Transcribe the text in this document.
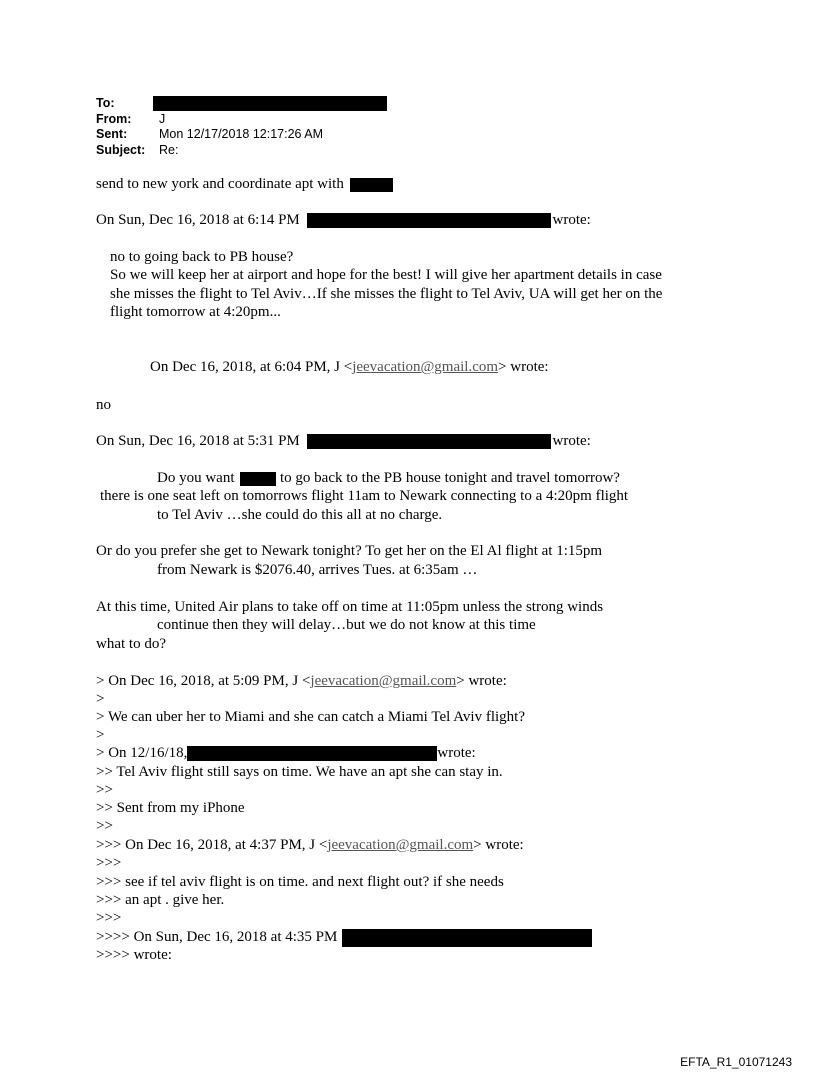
To:
From:	J
Sent:	Mon 12/17/2018 12:17:26 AM
Subject:	Re:
send to new york and coordinate apt with
On Sun, Dec 16, 2018 at 6:14 PM	wrote:
no to going back to PB house?
So we will keep her at airport and hope for the best! I will give her apartment details in case
she misses the flight to Tel Aviv…If she misses the flight to Tel Aviv, UA will get her on the
flight tomorrow at 4:20pm...
On Dec 16, 2018, at 6:04 PM, J <jeevacation@gmail.com> wrote:
no
On Sun, Dec 16, 2018 at 5:31 PM	wrote:
Do you want	to go back to the PB house tonight and travel tomorrow?
there is one seat left on tomorrows flight 11am to Newark connecting to a 4:20pm flight
to Tel Aviv …she could do this all at no charge.
Or do you prefer she get to Newark tonight? To get her on the El Al flight at 1:15pm
from Newark is $2076.40, arrives Tues. at 6:35am …
At this time, United Air plans to take off on time at 11:05pm unless the strong winds
continue then they will delay…but we do not know at this time
what to do?
> On Dec 16, 2018, at 5:09 PM, J <jeevacation@gmail.com> wrote:
>
> We can uber her to Miami and she can catch a Miami Tel Aviv flight?
>
> On 12/16/18,	wrote:
>> Tel Aviv flight still says on time. We have an apt she can stay in.
>>
>> Sent from my iPhone
>>
>>> On Dec 16, 2018, at 4:37 PM, J <jeevacation@gmail.com> wrote:
>>>
>>> see if tel aviv flight is on time. and next flight out? if she needs
>>> an apt . give her.
>>>
>>>> On Sun, Dec 16, 2018 at 4:35 PM
>>>> wrote:
EFTA_R1_01071243
